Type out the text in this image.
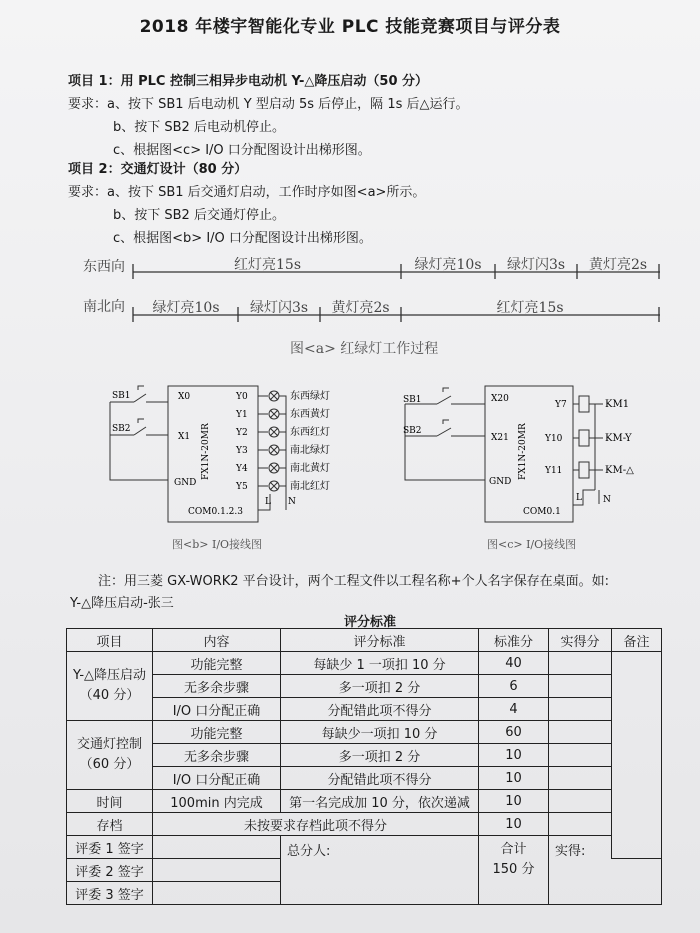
2018 年楼宇智能化专业 PLC 技能竞赛项目与评分表
项目 1：用 PLC 控制三相异步电动机 Y-△降压启动（50 分）
要求：a、按下 SB1 后电动机 Y 型启动 5s 后停止，隔 1s 后△运行。
b、按下 SB2 后电动机停止。
c、根据图<c> I/O 口分配图设计出梯形图。
项目 2：交通灯设计（80 分）
要求：a、按下 SB1 后交通灯启动，工作时序如图<a>所示。
b、按下 SB2 后交通灯停止。
c、根据图<b> I/O 口分配图设计出梯形图。
东西向	红灯亮15s	绿灯亮10s	绿灯闪3s	黄灯亮2s
南北向	绿灯亮10s	绿灯闪3s	黄灯亮2s	红灯亮15s
图<a> 红绿灯工作过程
SB1
SB2
X0
X1
GND
FX1N-20MR
Y0
Y1
Y2
Y3
Y4
Y5
东西绿灯
东西黄灯
东西红灯
南北绿灯
南北黄灯
南北红灯
COM0.1.2.3
L N
图<b> I/O接线图
SB1
SB2
X20
X21
GND
FX1N-20MR
Y7
Y10
Y11
KM1
KM-Y
KM-△
COM0.1
L N
图<c> I/O接线图
注：用三菱 GX-WORK2 平台设计，两个工程文件以工程名称+个人名字保存在桌面。如:
Y-△降压启动-张三
评分标准
项目	内容	评分标准	标准分	实得分	备注
Y-△降压启动（40 分）	功能完整	每缺少 1 一项扣 10 分	40		
	无多余步骤	多一项扣 2 分	6		
	I/O 口分配正确	分配错此项不得分	4		
交通灯控制（60 分）	功能完整	每缺少一项扣 10 分	60		
	无多余步骤	多一项扣 2 分	10		
	I/O 口分配正确	分配错此项不得分	10		
时间	100min 内完成	第一名完成加 10 分，依次递减	10		
存档	未按要求存档此项不得分		10		
评委 1 签字		总分人:	合计
150 分	实得:	
评委 2 签字					
评委 3 签字					
